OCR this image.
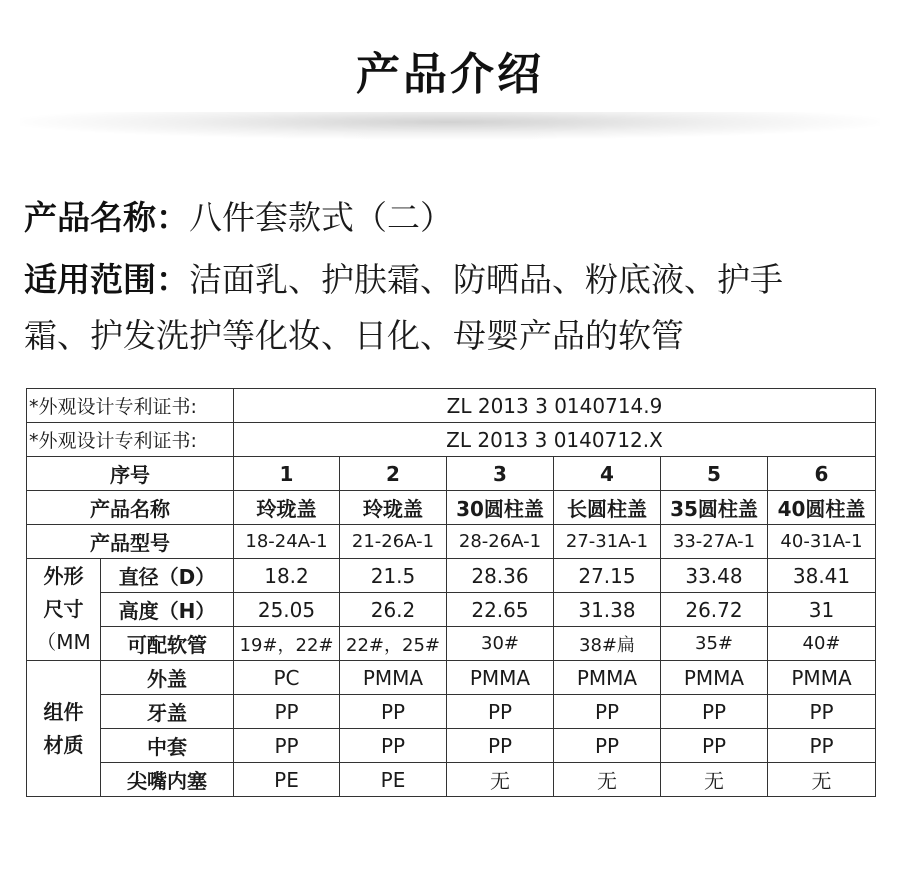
产品介绍
产品名称：八件套款式（二）
适用范围：洁面乳、护肤霜、防晒品、粉底液、护手
霜、护发洗护等化妆、日化、母婴产品的软管
*外观设计专利证书:		ZL 2013 3 0140714.9					
*外观设计专利证书:		ZL 2013 3 0140712.X					
序号		1	2	3	4	5	6
产品名称		玲珑盖	玲珑盖	30圆柱盖	长圆柱盖	35圆柱盖	40圆柱盖
产品型号		18-24A-1	21-26A-1	28-26A-1	27-31A-1	33-27A-1	40-31A-1

外形
尺寸
（MM	直径（D）	18.2	21.5	28.36	27.15	33.48	38.41
	高度（H）	25.05	26.2	22.65	31.38	26.72	31
	可配软管	19#，22#	22#，25#	30#	38#扁	35#	40#

组件
材质	外盖	PC	PMMA	PMMA	PMMA	PMMA	PMMA
	牙盖	PP	PP	PP	PP	PP	PP
	中套	PP	PP	PP	PP	PP	PP
	尖嘴内塞	PE	PE	无	无	无	无
